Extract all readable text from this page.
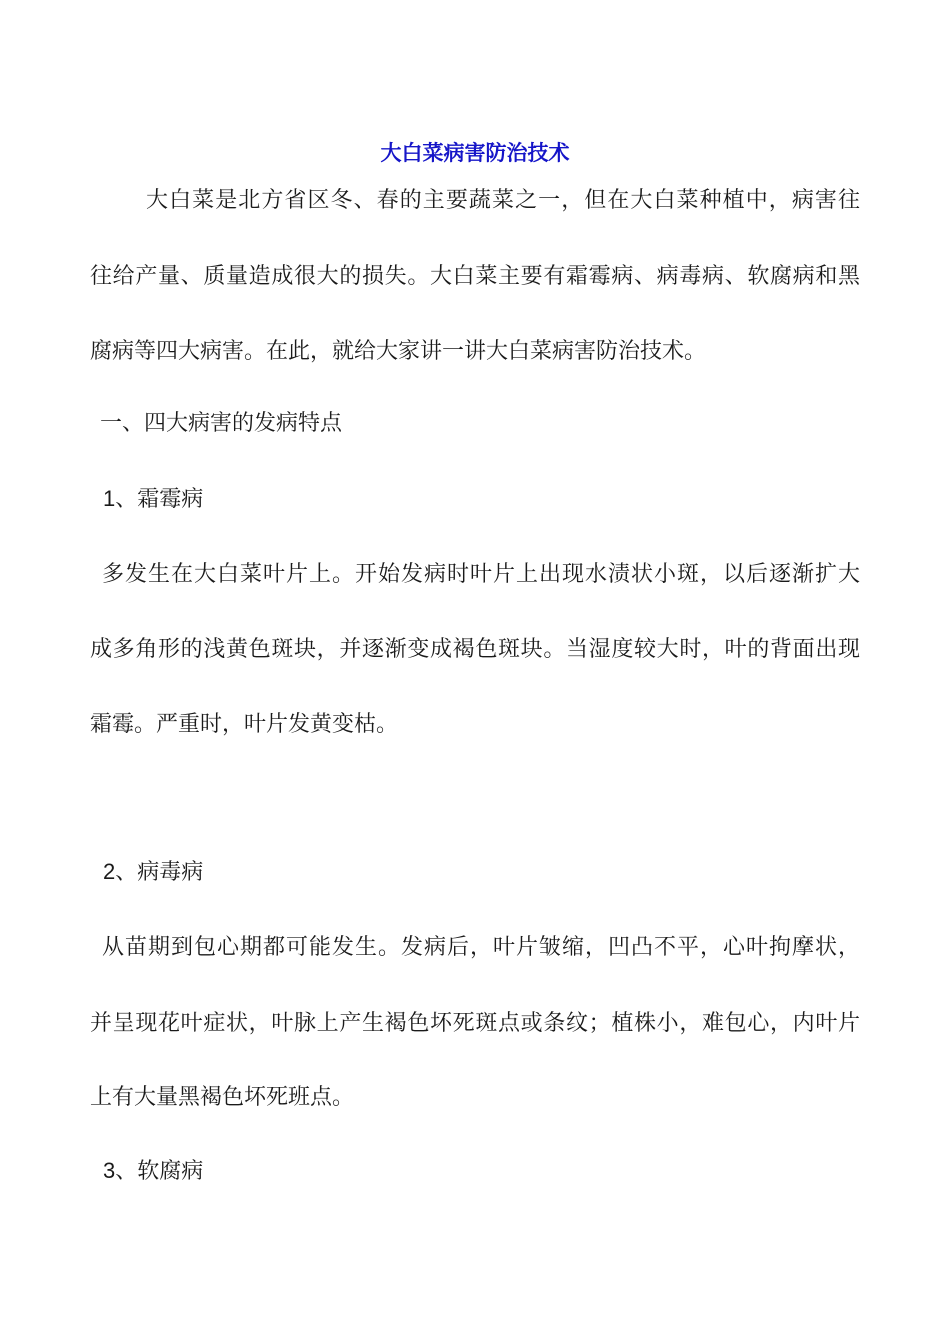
大白菜病害防治技术
大白菜是北方省区冬、春的主要蔬菜之一，但在大白菜种植中，病害往
往给产量、质量造成很大的损失。大白菜主要有霜霉病、病毒病、软腐病和黑
腐病等四大病害。在此，就给大家讲一讲大白菜病害防治技术。
一、四大病害的发病特点
1、霜霉病
多发生在大白菜叶片上。开始发病时叶片上出现水渍状小斑，以后逐渐扩大
成多角形的浅黄色斑块，并逐渐变成褐色斑块。当湿度较大时，叶的背面出现
霜霉。严重时，叶片发黄变枯。
2、病毒病
从苗期到包心期都可能发生。发病后，叶片皱缩，凹凸不平，心叶拘摩状，
并呈现花叶症状，叶脉上产生褐色坏死斑点或条纹；植株小，难包心，内叶片
上有大量黑褐色坏死班点。
3、软腐病
